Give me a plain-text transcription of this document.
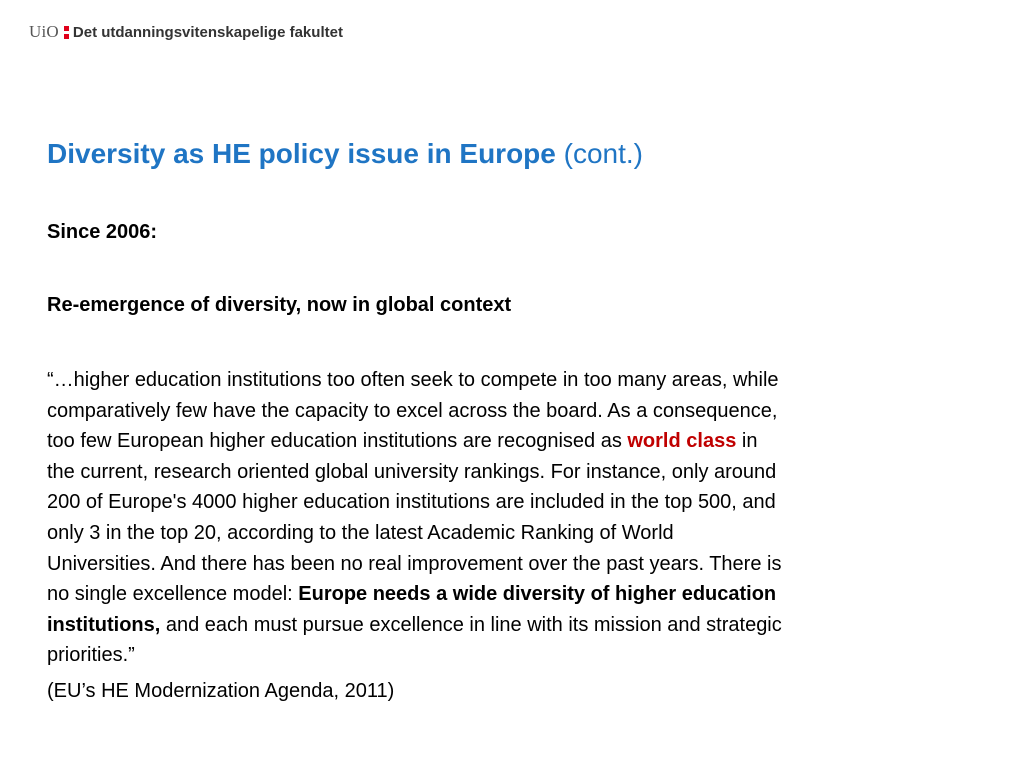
UiO Det utdanningsvitenskapelige fakultet
Diversity as HE policy issue in Europe (cont.)

Since 2006:

Re-emergence of diversity, now in global context

“…higher education institutions too often seek to compete in too many areas, while
comparatively few have the capacity to excel across the board. As a consequence,
too few European higher education institutions are recognised as world class in
the current, research oriented global university rankings. For instance, only around
200 of Europe's 4000 higher education institutions are included in the top 500, and
only 3 in the top 20, according to the latest Academic Ranking of World
Universities. And there has been no real improvement over the past years. There is
no single excellence model: Europe needs a wide diversity of higher education
institutions, and each must pursue excellence in line with its mission and strategic
priorities.”

(EU’s HE Modernization Agenda, 2011)
